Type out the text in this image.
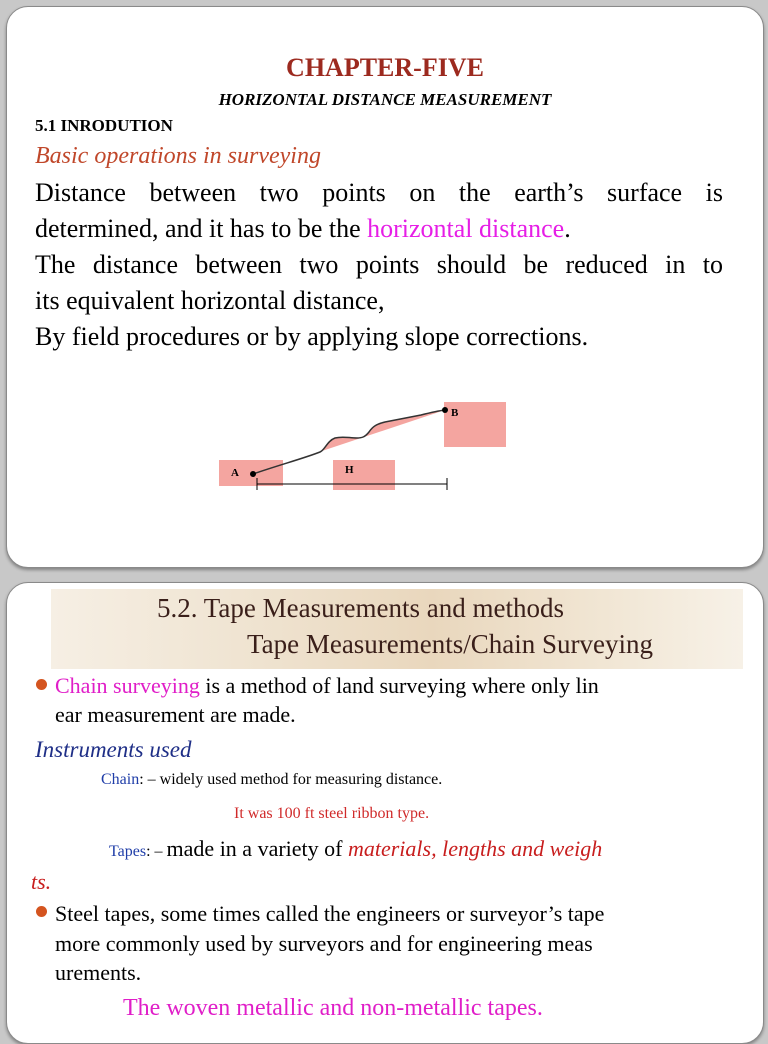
CHAPTER-FIVE
HORIZONTAL DISTANCE MEASUREMENT
5.1 INRODUTION
Basic operations in surveying
Distance between two points on the earth’s surface is
determined, and it has to be the horizontal distance.
The distance between two points should be reduced in to
its equivalent horizontal distance,
By field procedures or by applying slope corrections.
A
B
H
5.2. Tape Measurements and methods
Tape Measurements/Chain Surveying
Chain surveying is a method of land surveying where only lin
ear measurement are made.
Instruments used
Chain: – widely used method for measuring distance.
It was 100 ft steel ribbon type.
Tapes: – made in a variety of materials, lengths and weigh
ts.
Steel tapes, some times called the engineers or surveyor’s tape
more commonly used by surveyors and for engineering meas
urements.
The woven metallic and non-metallic tapes.
